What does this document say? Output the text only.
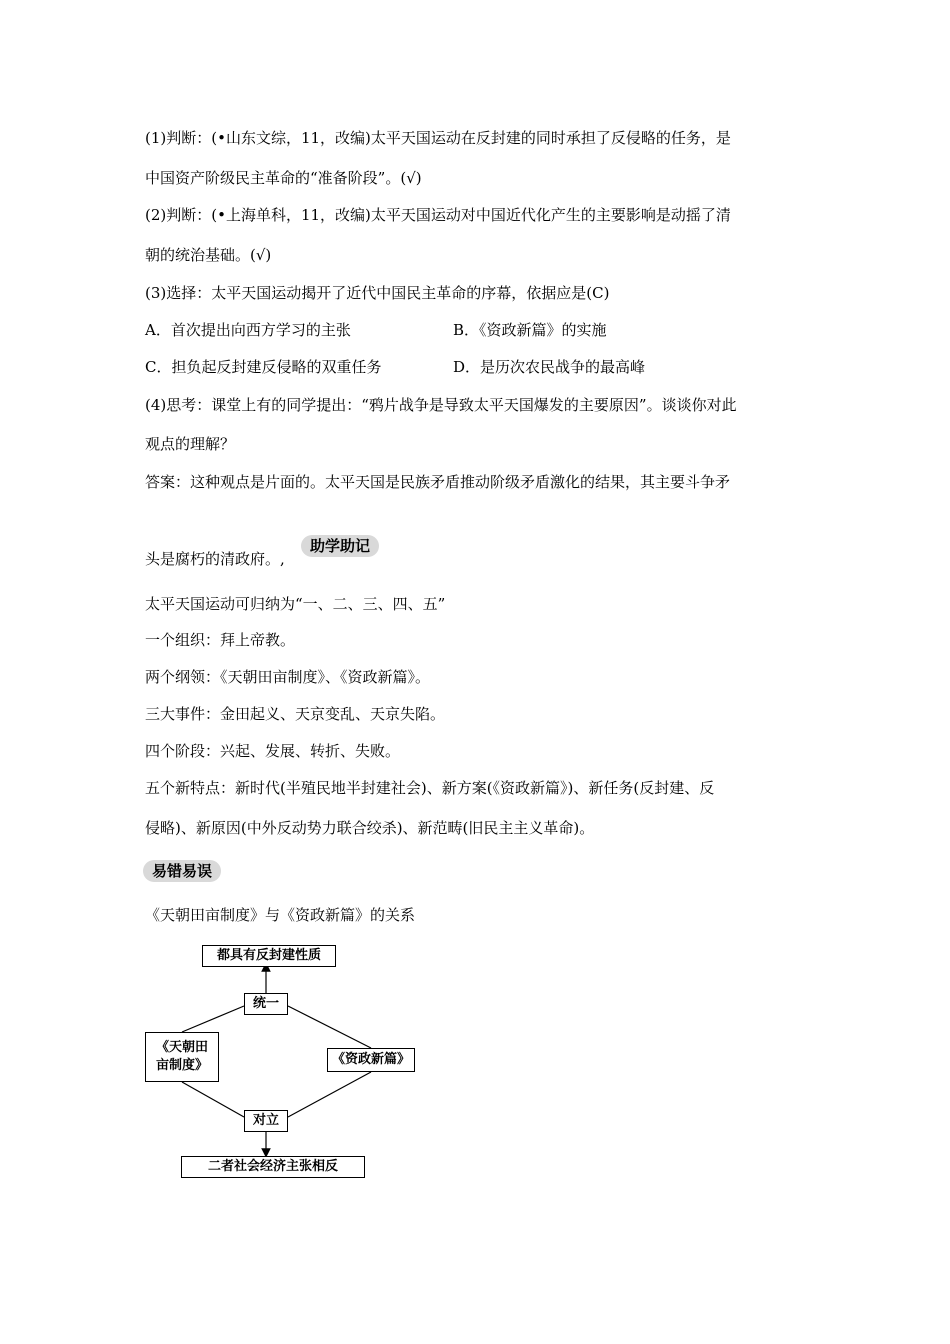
(1)判断：(•山东文综，11，改编)太平天国运动在反封建的同时承担了反侵略的任务，是
中国资产阶级民主革命的“准备阶段”。(√)
(2)判断：(•上海单科，11，改编)太平天国运动对中国近代化产生的主要影响是动摇了清
朝的统治基础。(√)
(3)选择：太平天国运动揭开了近代中国民主革命的序幕，依据应是(C)
A．首次提出向西方学习的主张	B．《资政新篇》的实施
C．担负起反封建反侵略的双重任务	D．是历次农民战争的最高峰
(4)思考：课堂上有的同学提出：“鸦片战争是导致太平天国爆发的主要原因”。谈谈你对此
观点的理解？
答案：这种观点是片面的。太平天国是民族矛盾推动阶级矛盾激化的结果，其主要斗争矛
头是腐朽的清政府。,
助学助记
太平天国运动可归纳为“一、二、三、四、五”
一个组织：拜上帝教。
两个纲领：《天朝田亩制度》、《资政新篇》。
三大事件：金田起义、天京变乱、天京失陷。
四个阶段：兴起、发展、转折、失败。
五个新特点：新时代(半殖民地半封建社会)、新方案(《资政新篇》)、新任务(反封建、反
侵略)、新原因(中外反动势力联合绞杀)、新范畴(旧民主主义革命)。
易错易误
《天朝田亩制度》与《资政新篇》的关系
都具有反封建性质
统一
《天朝田
亩制度》	《资政新篇》
对立
二者社会经济主张相反
